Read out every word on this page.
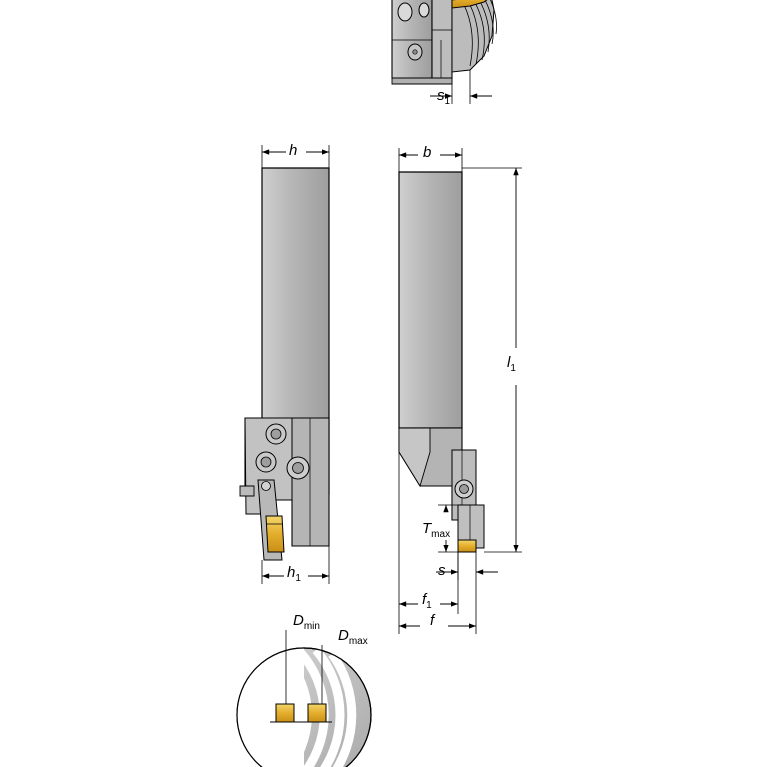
$s_1$
h	b
$l_1$
$h_1$
$T_{max}$
s
$f_1$
f
$D_{min}$
$D_{max}$
